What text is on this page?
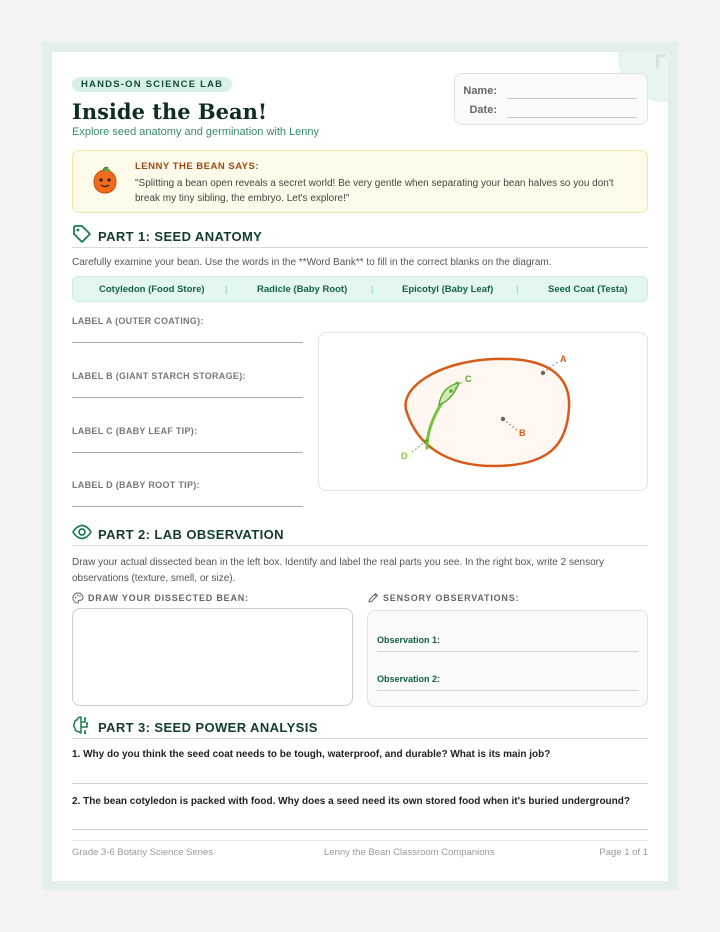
HANDS-ON SCIENCE LAB
Inside the Bean!
Explore seed anatomy and germination with Lenny
Name:
Date:
LENNY THE BEAN SAYS:
"Splitting a bean open reveals a secret world! Be very gentle when separating your bean halves so you don't break my tiny sibling, the embryo. Let's explore!"
PART 1: SEED ANATOMY
Carefully examine your bean. Use the words in the **Word Bank** to fill in the correct blanks on the diagram.
Cotyledon (Food Store) |	Radicle (Baby Root) |	Epicotyl (Baby Leaf) |	Seed Coat (Testa)
LABEL A (OUTER COATING):
LABEL B (GIANT STARCH STORAGE):
LABEL C (BABY LEAF TIP):
LABEL D (BABY ROOT TIP):
A
B
C
D
PART 2: LAB OBSERVATION
Draw your actual dissected bean in the left box. Identify and label the real parts you see. In the right box, write 2 sensory observations (texture, smell, or size).
DRAW YOUR DISSECTED BEAN:	SENSORY OBSERVATIONS:
Observation 1:
Observation 2:
PART 3: SEED POWER ANALYSIS
1. Why do you think the seed coat needs to be tough, waterproof, and durable? What is its main job?
2. The bean cotyledon is packed with food. Why does a seed need its own stored food when it's buried underground?
Grade 3-6 Botany Science Series	Lenny the Bean Classroom Companions	Page 1 of 1
